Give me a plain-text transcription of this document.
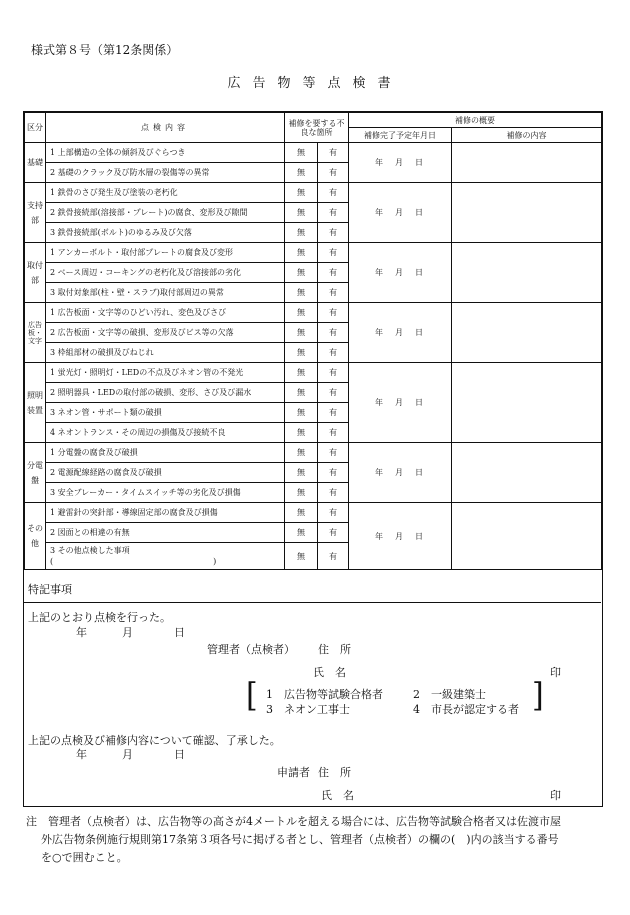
様式第８号（第12条関係）
広告物等点検書
区分	点検内容	補修を要する不良な箇所		補修の概要	
				補修完了予定年月日	補修の内容
基礎	1 上部構造の全体の傾斜及びぐらつき	無	有	年　月　日	
	2 基礎のクラック及び防水層の裂傷等の異常	無	有		
支持部	1 鉄骨のさび発生及び塗装の老朽化	無	有	年　月　日	
	2 鉄骨接続部(溶接部・プレート)の腐食、変形及び隙間	無	有		
	3 鉄骨接続部(ボルト)のゆるみ及び欠落	無	有		
取付部	1 アンカーボルト・取付部プレートの腐食及び変形	無	有	年　月　日	
	2 ベース周辺・コーキングの老朽化及び溶接部の劣化	無	有		
	3 取付対象部(柱・壁・スラブ)取付部周辺の異常	無	有		
広告板・文字	1 広告板面・文字等のひどい汚れ、変色及びさび	無	有	年　月　日	
	2 広告板面・文字等の破損、変形及びビス等の欠落	無	有		
	3 枠組部材の破損及びねじれ	無	有		
照明装置	1 蛍光灯・照明灯・LEDの不点及びネオン管の不発光	無	有	年　月　日	
	2 照明器具・LEDの取付部の破損、変形、さび及び漏水	無	有		
	3 ネオン管・サポート類の破損	無	有		
	4 ネオントランス・その周辺の損傷及び接続不良	無	有		
分電盤	1 分電盤の腐食及び破損	無	有	年　月　日	
	2 電源配線経路の腐食及び破損	無	有		
	3 安全ブレーカー・タイムスイッチ等の劣化及び損傷	無	有		
その他	1 避雷針の突針部・導線固定部の腐食及び損傷	無	有	年　月　日	
	2 図面との相違の有無	無	有		
	3 その他点検した事項
(　　　　　　　　　　　　　　　　　　　　)	無	有		
特記事項
上記のとおり点検を行った。
年	月	日
管理者（点検者） 住　所
氏　名	印
[ 1　広告物等試験合格者	2　一級建築士
3　ネオン工事士	4　市長が認定する者 ]
上記の点検及び補修内容について確認、了承した。
年	月	日
申請者 住　所
氏　名	印
注　管理者（点検者）は、広告物等の高さが4メートルを超える場合には、広告物等試験合格者又は佐渡市屋
外広告物条例施行規則第17条第３項各号に掲げる者とし、管理者（点検者）の欄の(　)内の該当する番号
を○で囲むこと。
